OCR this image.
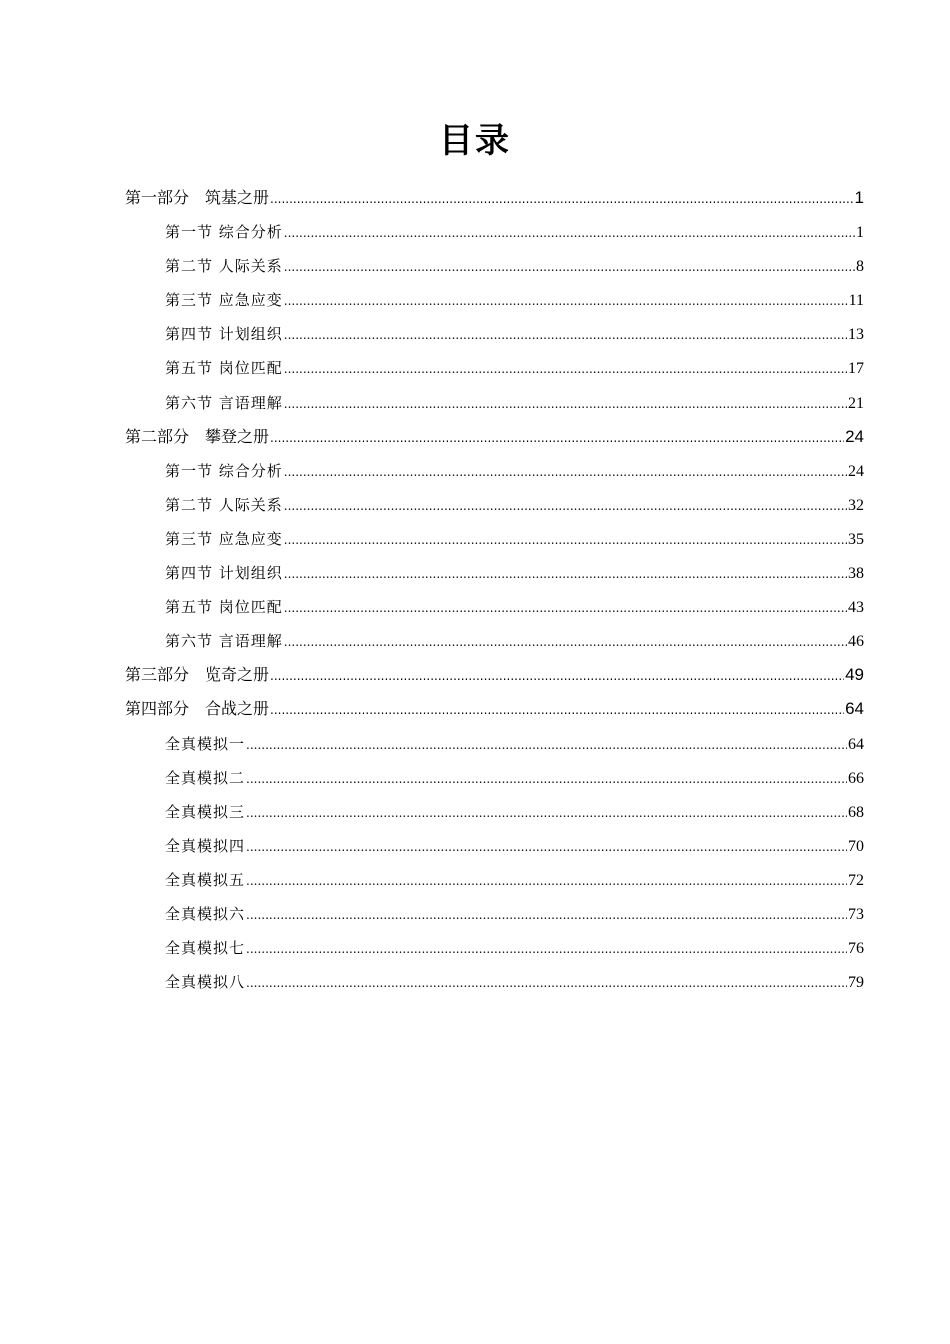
目录
第一部分　筑基之册 .....	1
第一节 综合分析 .....	1
第二节 人际关系 .....	8
第三节 应急应变 .....	11
第四节 计划组织 .....	13
第五节 岗位匹配 .....	17
第六节 言语理解 .....	21
第二部分　攀登之册 .....	24
第一节 综合分析 .....	24
第二节 人际关系 .....	32
第三节 应急应变 .....	35
第四节 计划组织 .....	38
第五节 岗位匹配 .....	43
第六节 言语理解 .....	46
第三部分　览奇之册 .....	49
第四部分　合战之册 .....	64
全真模拟一 .....	64
全真模拟二 .....	66
全真模拟三 .....	68
全真模拟四 .....	70
全真模拟五 .....	72
全真模拟六 .....	73
全真模拟七 .....	76
全真模拟八 .....	79
